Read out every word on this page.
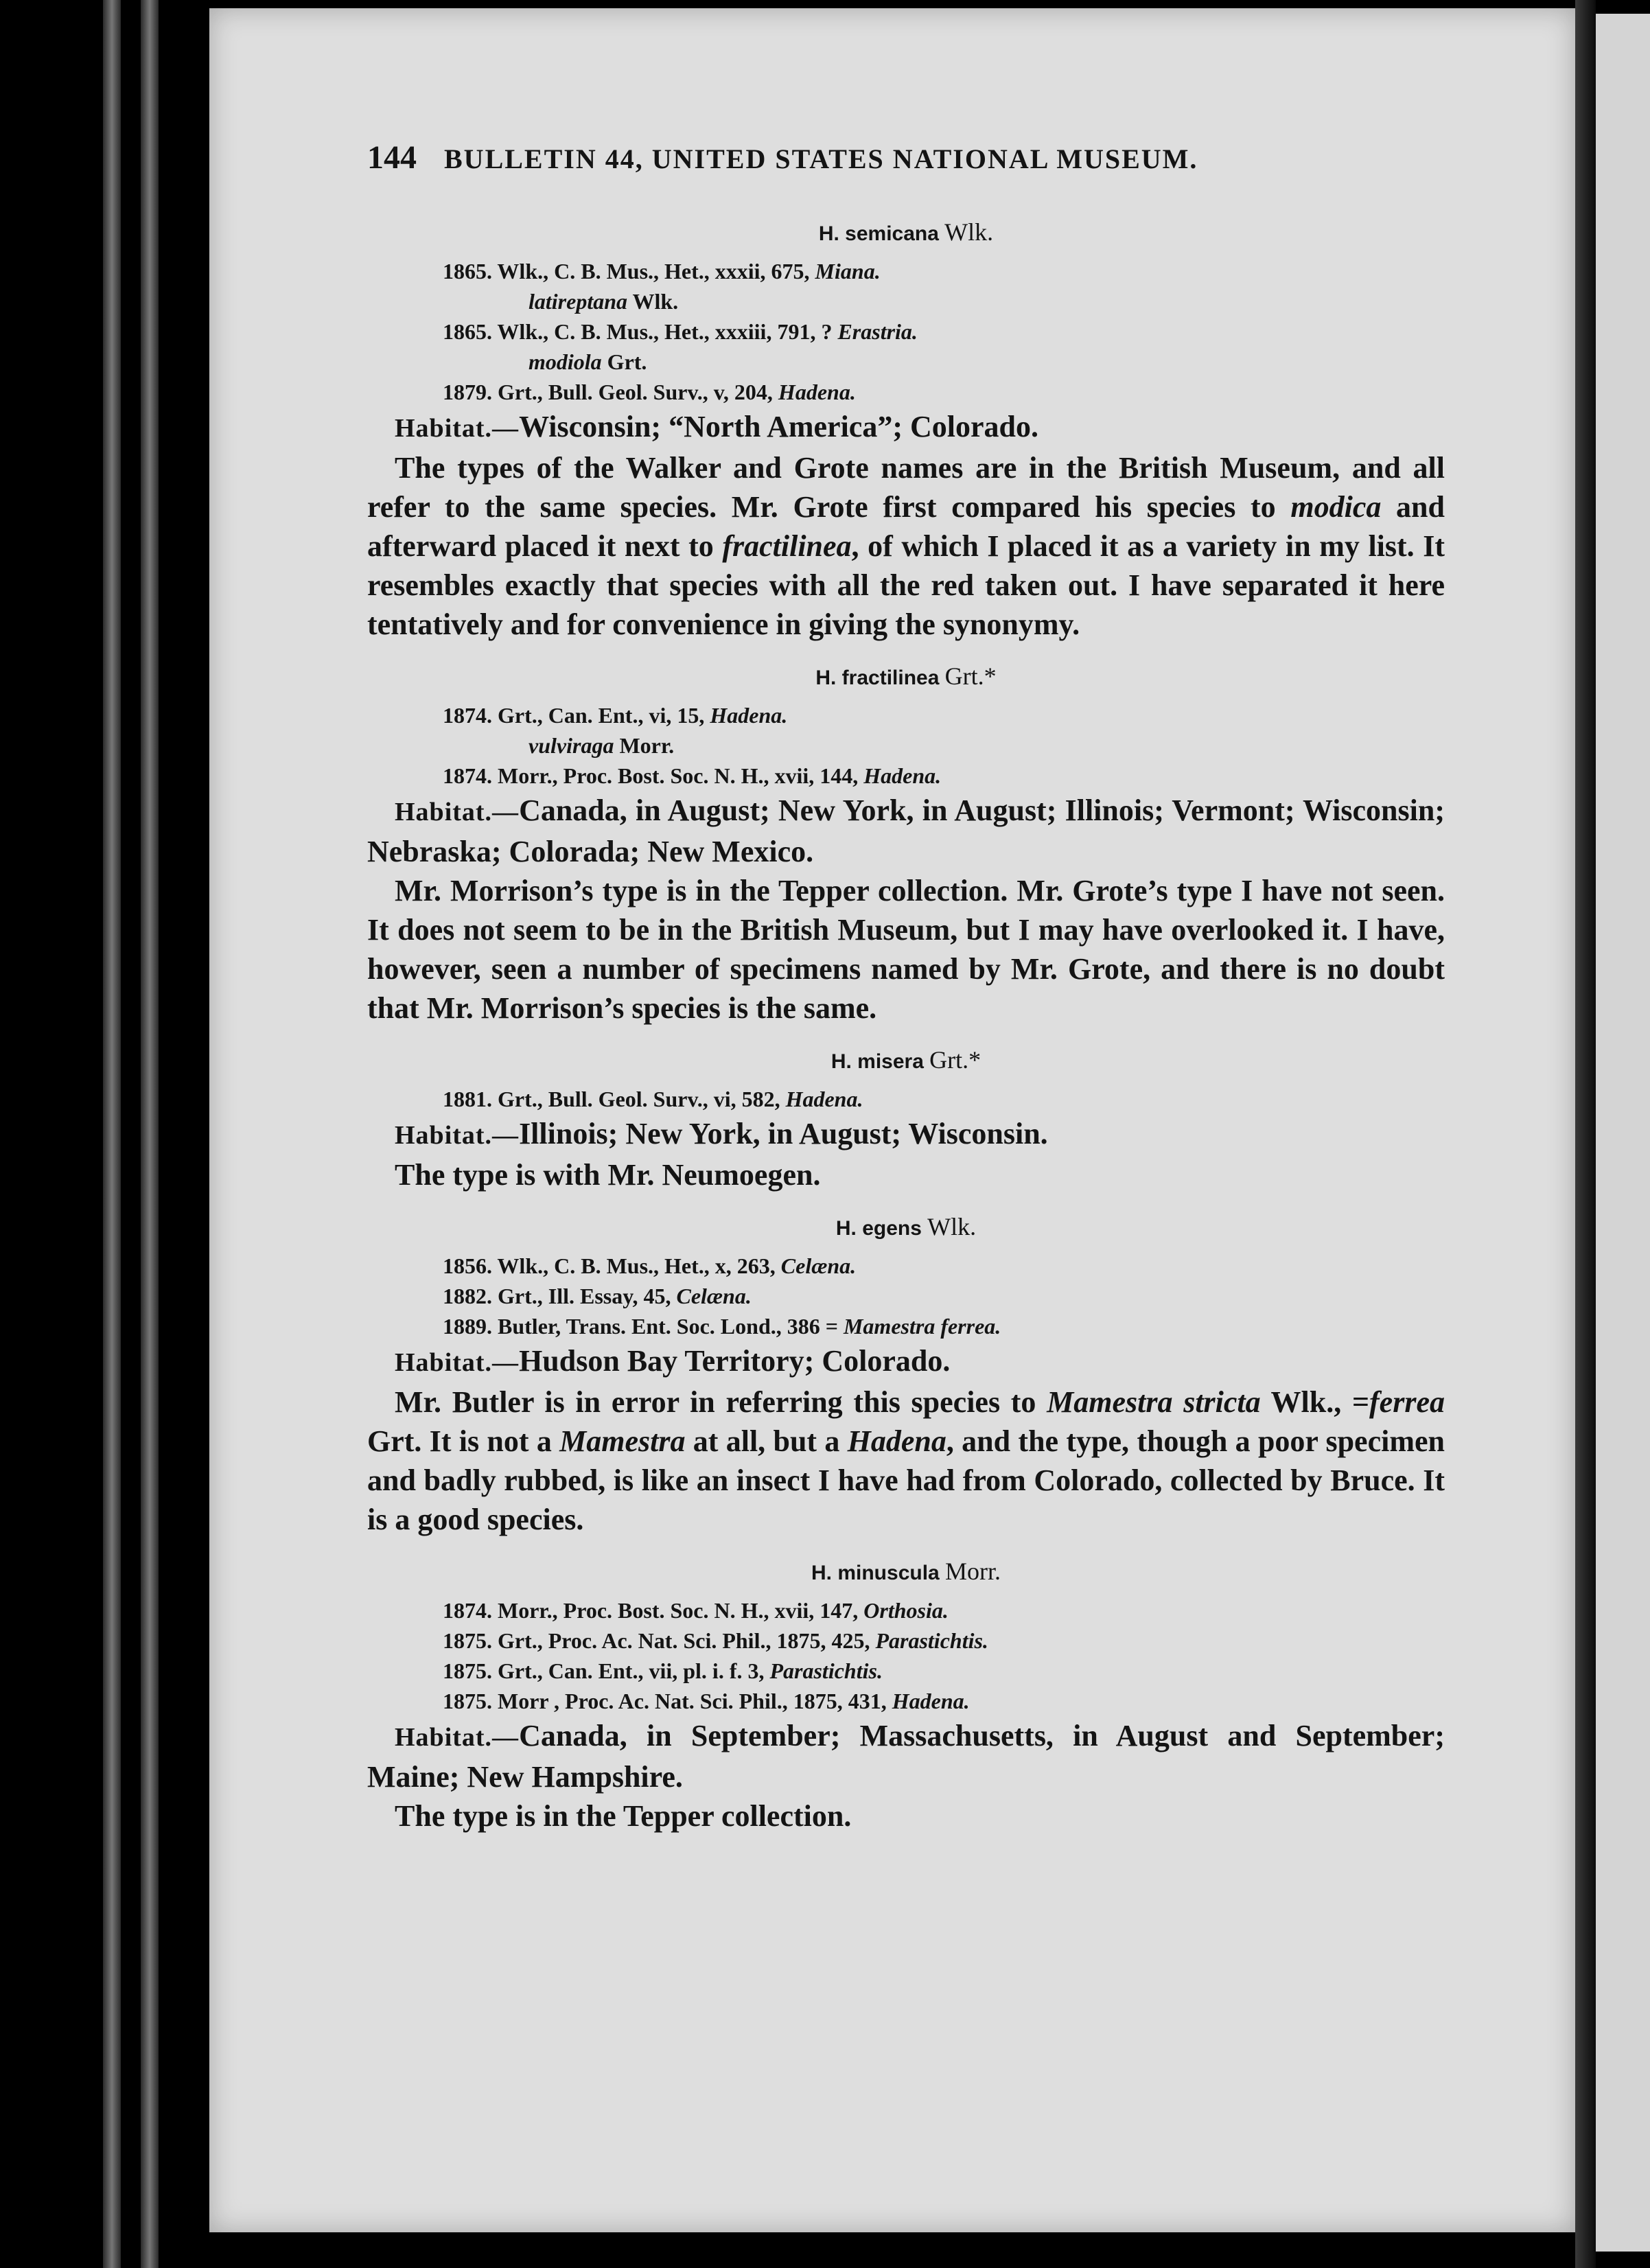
144 BULLETIN 44, UNITED STATES NATIONAL MUSEUM.
H. semicana Wlk.
1865. Wlk., C. B. Mus., Het., xxxii, 675, Miana.
latireptana Wlk.
1865. Wlk., C. B. Mus., Het., xxxiii, 791, ? Erastria.
modiola Grt.
1879. Grt., Bull. Geol. Surv., v, 204, Hadena.

Habitat.—Wisconsin; “North America”; Colorado.

The types of the Walker and Grote names are in the British Museum, and all refer to the same species. Mr. Grote first compared his species to modica and afterward placed it next to fractilinea, of which I placed it as a variety in my list. It resembles exactly that species with all the red taken out. I have separated it here tentatively and for convenience in giving the synonymy.

H. fractilinea Grt.*
1874. Grt., Can. Ent., vi, 15, Hadena.
vulviraga Morr.
1874. Morr., Proc. Bost. Soc. N. H., xvii, 144, Hadena.

Habitat.—Canada, in August; New York, in August; Illinois; Vermont; Wisconsin; Nebraska; Colorada; New Mexico.

Mr. Morrison’s type is in the Tepper collection. Mr. Grote’s type I have not seen. It does not seem to be in the British Museum, but I may have overlooked it. I have, however, seen a number of specimens named by Mr. Grote, and there is no doubt that Mr. Morrison’s species is the same.

H. misera Grt.*
1881. Grt., Bull. Geol. Surv., vi, 582, Hadena.

Habitat.—Illinois; New York, in August; Wisconsin.

The type is with Mr. Neumoegen.

H. egens Wlk.
1856. Wlk., C. B. Mus., Het., x, 263, Celæna.
1882. Grt., Ill. Essay, 45, Celæna.
1889. Butler, Trans. Ent. Soc. Lond., 386 = Mamestra ferrea.

Habitat.—Hudson Bay Territory; Colorado.

Mr. Butler is in error in referring this species to Mamestra stricta Wlk., =ferrea Grt. It is not a Mamestra at all, but a Hadena, and the type, though a poor specimen and badly rubbed, is like an insect I have had from Colorado, collected by Bruce. It is a good species.

H. minuscula Morr.
1874. Morr., Proc. Bost. Soc. N. H., xvii, 147, Orthosia.
1875. Grt., Proc. Ac. Nat. Sci. Phil., 1875, 425, Parastichtis.
1875. Grt., Can. Ent., vii, pl. i. f. 3, Parastichtis.
1875. Morr , Proc. Ac. Nat. Sci. Phil., 1875, 431, Hadena.

Habitat.—Canada, in September; Massachusetts, in August and September; Maine; New Hampshire.

The type is in the Tepper collection.
